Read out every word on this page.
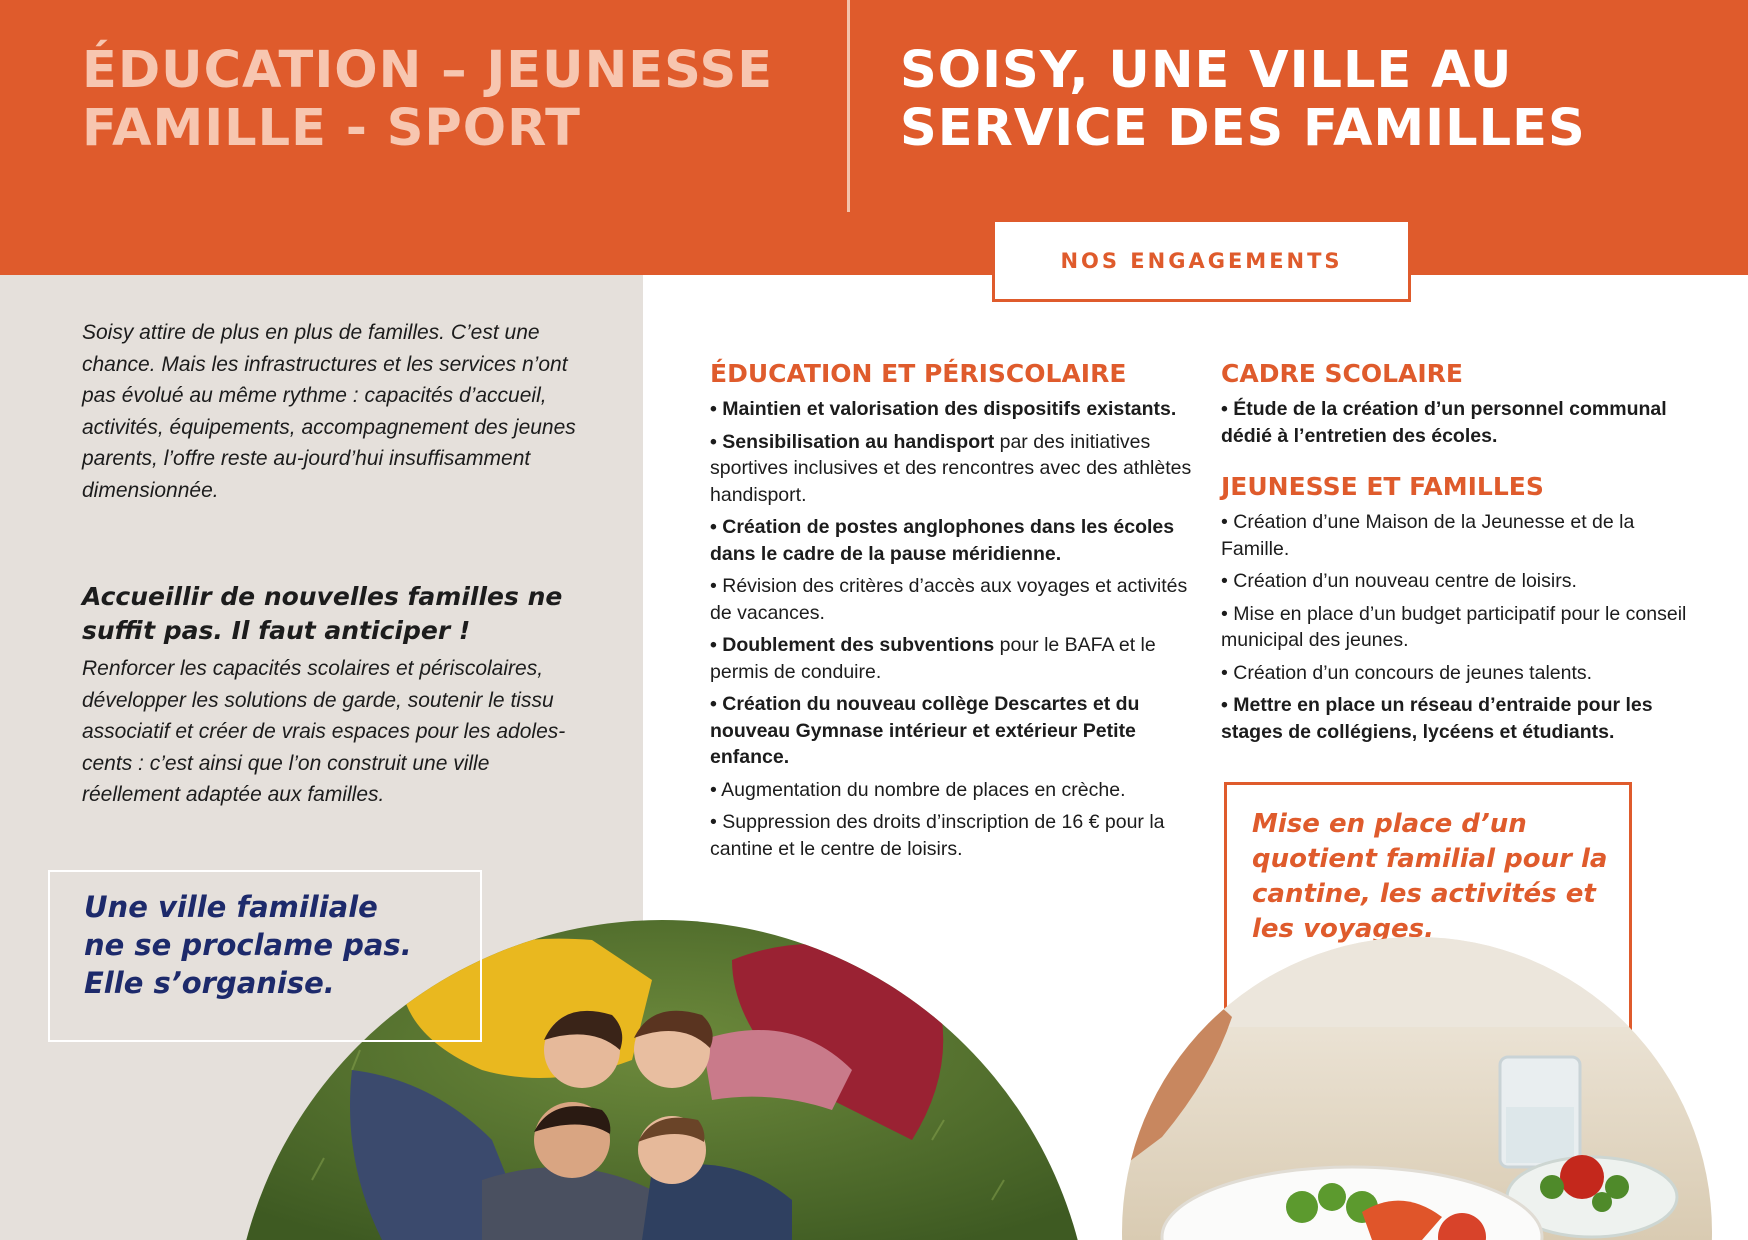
ÉDUCATION – JEUNESSE
FAMILLE - SPORT
SOISY, UNE VILLE AU
SERVICE DES FAMILLES
NOS ENGAGEMENTS

Soisy attire de plus en plus de familles. C’est une chance. Mais les infrastructures et les services n’ont pas évolué au même rythme : capacités d’accueil, activités, équipements, accompagnement des jeunes parents, l’offre reste au-jourd’hui insuffisamment dimensionnée.

Accueillir de nouvelles familles ne suffit pas. Il faut anticiper !

Renforcer les capacités scolaires et périscolaires, développer les solutions de garde, soutenir le tissu associatif et créer de vrais espaces pour les adoles-cents : c’est ainsi que l’on construit une ville réellement adaptée aux familles.

Une ville familiale
ne se proclame pas.
Elle s’organise.

ÉDUCATION ET PÉRISCOLAIRE

• Maintien et valorisation des dispositifs existants.

• Sensibilisation au handisport par des initiatives sportives inclusives et des rencontres avec des athlètes handisport.

• Création de postes anglophones dans les écoles dans le cadre de la pause méridienne.

• Révision des critères d’accès aux voyages et activités de vacances.

• Doublement des subventions pour le BAFA et le permis de conduire.

• Création du nouveau collège Descartes et du nouveau Gymnase intérieur et extérieur Petite enfance.

• Augmentation du nombre de places en crèche.

• Suppression des droits d’inscription de 16 € pour la cantine et le centre de loisirs.

CADRE SCOLAIRE

• Étude de la création d’un personnel communal dédié à l’entretien des écoles.

JEUNESSE ET FAMILLES

• Création d’une Maison de la Jeunesse et de la Famille.

• Création d’un nouveau centre de loisirs.

• Mise en place d’un budget participatif pour le conseil municipal des jeunes.

• Création d’un concours de jeunes talents.

• Mettre en place un réseau d’entraide pour les stages de collégiens, lycéens et étudiants.

Mise en place d’un quotient familial pour la cantine, les activités et les voyages.
